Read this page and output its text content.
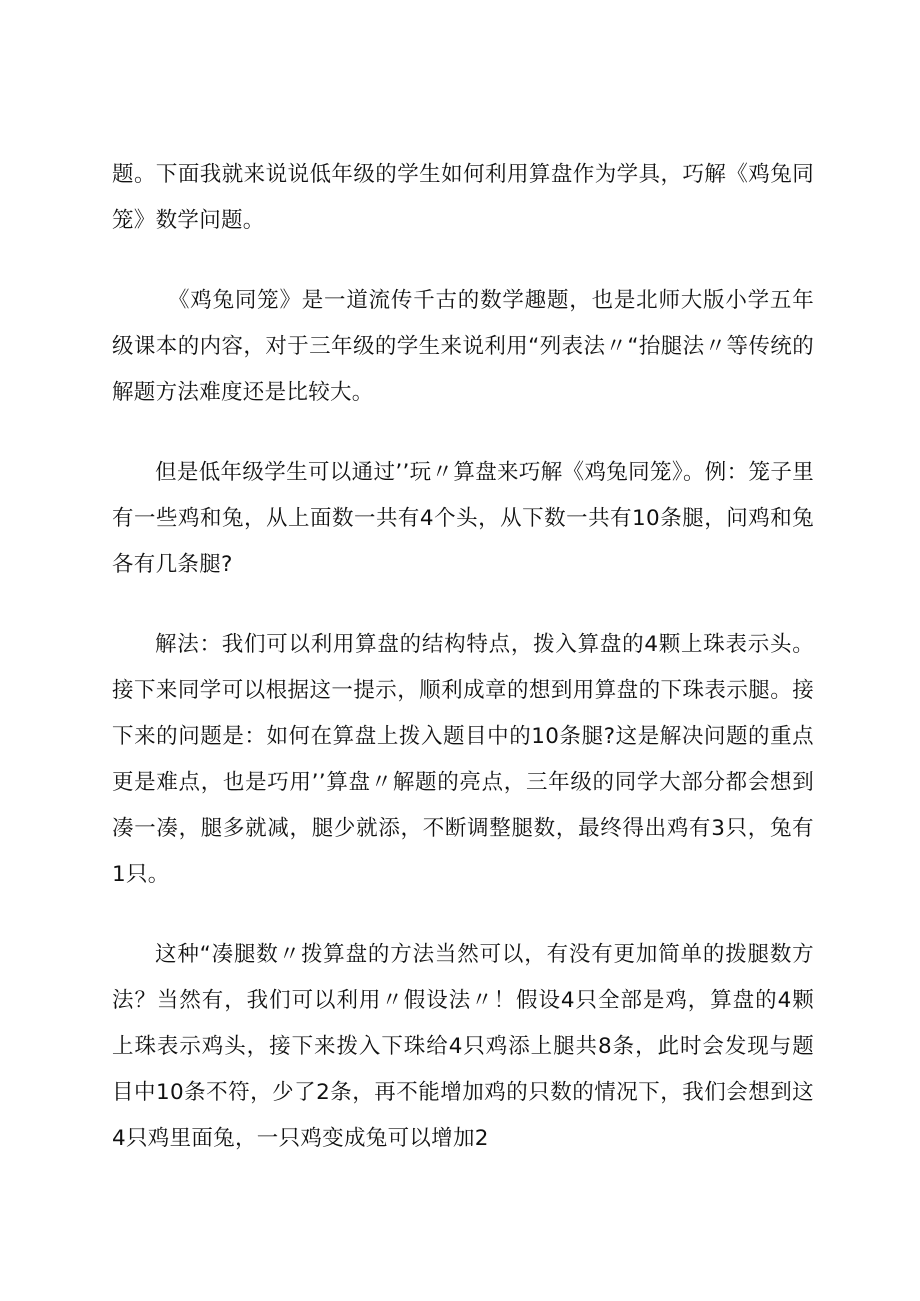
题。下面我就来说说低年级的学生如何利用算盘作为学具，巧解《鸡兔同笼》数学问题。

《鸡兔同笼》是一道流传千古的数学趣题，也是北师大版小学五年级课本的内容，对于三年级的学生来说利用“列表法〃“抬腿法〃等传统的解题方法难度还是比较大。

但是低年级学生可以通过’’玩〃算盘来巧解《鸡兔同笼》。例：笼子里有一些鸡和兔，从上面数一共有4个头，从下数一共有10条腿，问鸡和兔各有几条腿?

解法：我们可以利用算盘的结构特点，拨入算盘的4颗上珠表示头。接下来同学可以根据这一提示，顺利成章的想到用算盘的下珠表示腿。接下来的问题是：如何在算盘上拨入题目中的10条腿?这是解决问题的重点更是难点，也是巧用’’算盘〃解题的亮点，三年级的同学大部分都会想到凑一凑，腿多就减，腿少就添，不断调整腿数，最终得出鸡有3只，兔有1只。

这种“凑腿数〃拨算盘的方法当然可以，有没有更加简单的拨腿数方法？当然有，我们可以利用〃假设法〃！假设4只全部是鸡，算盘的4颗上珠表示鸡头，接下来拨入下珠给4只鸡添上腿共8条，此时会发现与题目中10条不符，少了2条，再不能增加鸡的只数的情况下，我们会想到这4只鸡里面兔，一只鸡变成兔可以增加2
